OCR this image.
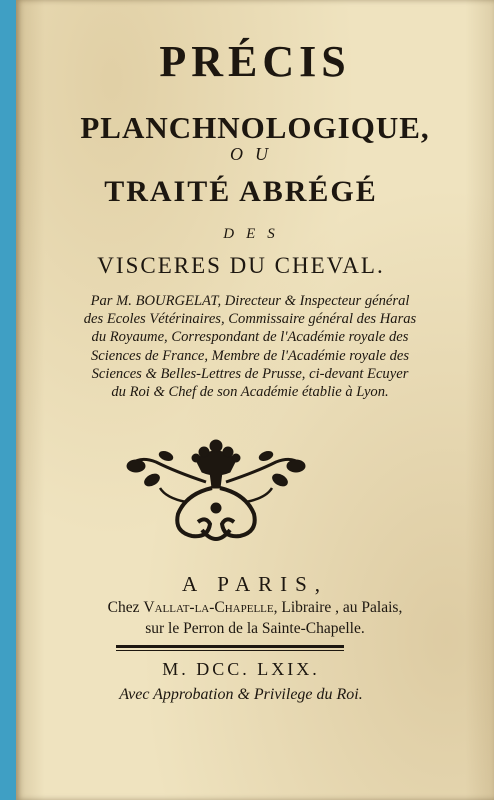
PRÉCIS
PLANCHNOLOGIQUE,
OU
TRAITÉ ABRÉGÉ
DES
VISCERES DU CHEVAL.
Par M. BOURGELAT, Directeur & Inspecteur général
des Ecoles Vétérinaires, Commissaire général des Haras
du Royaume, Correspondant de l'Académie royale des
Sciences de France, Membre de l'Académie royale des
Sciences & Belles-Lettres de Prusse, ci-devant Ecuyer
du Roi & Chef de son Académie établie à Lyon.
A PARIS,
Chez Vallat-la-Chapelle, Libraire , au Palais,
sur le Perron de la Sainte-Chapelle.
M. DCC. LXIX.
Avec Approbation & Privilege du Roi.
